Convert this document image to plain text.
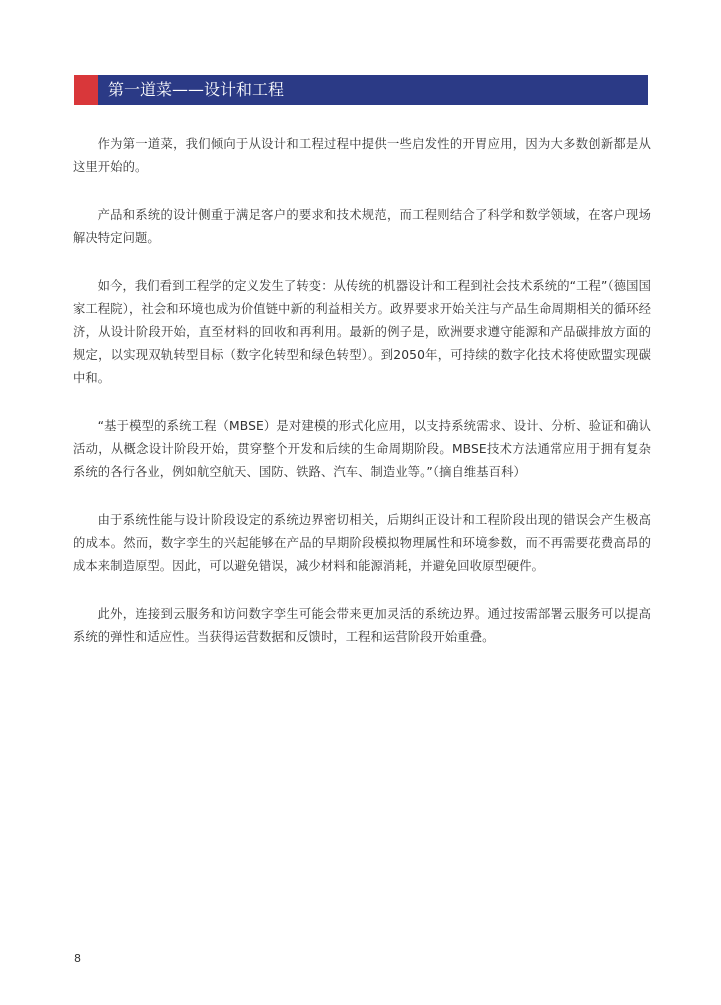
第一道菜——设计和工程

作为第一道菜，我们倾向于从设计和工程过程中提供一些启发性的开胃应用，因为大多数创新都是从这里开始的。

产品和系统的设计侧重于满足客户的要求和技术规范，而工程则结合了科学和数学领域，在客户现场解决特定问题。

如今，我们看到工程学的定义发生了转变：从传统的机器设计和工程到社会技术系统的“工程”（德国国家工程院），社会和环境也成为价值链中新的利益相关方。政界要求开始关注与产品生命周期相关的循环经济，从设计阶段开始，直至材料的回收和再利用。最新的例子是，欧洲要求遵守能源和产品碳排放方面的规定，以实现双轨转型目标（数字化转型和绿色转型）。到2050年，可持续的数字化技术将使欧盟实现碳中和。

“基于模型的系统工程（MBSE）是对建模的形式化应用，以支持系统需求、设计、分析、验证和确认活动，从概念设计阶段开始，贯穿整个开发和后续的生命周期阶段。MBSE技术方法通常应用于拥有复杂系统的各行各业，例如航空航天、国防、铁路、汽车、制造业等。”（摘自维基百科）

由于系统性能与设计阶段设定的系统边界密切相关，后期纠正设计和工程阶段出现的错误会产生极高的成本。然而，数字孪生的兴起能够在产品的早期阶段模拟物理属性和环境参数，而不再需要花费高昂的成本来制造原型。因此，可以避免错误，减少材料和能源消耗，并避免回收原型硬件。

此外，连接到云服务和访问数字孪生可能会带来更加灵活的系统边界。通过按需部署云服务可以提高系统的弹性和适应性。当获得运营数据和反馈时，工程和运营阶段开始重叠。

8
